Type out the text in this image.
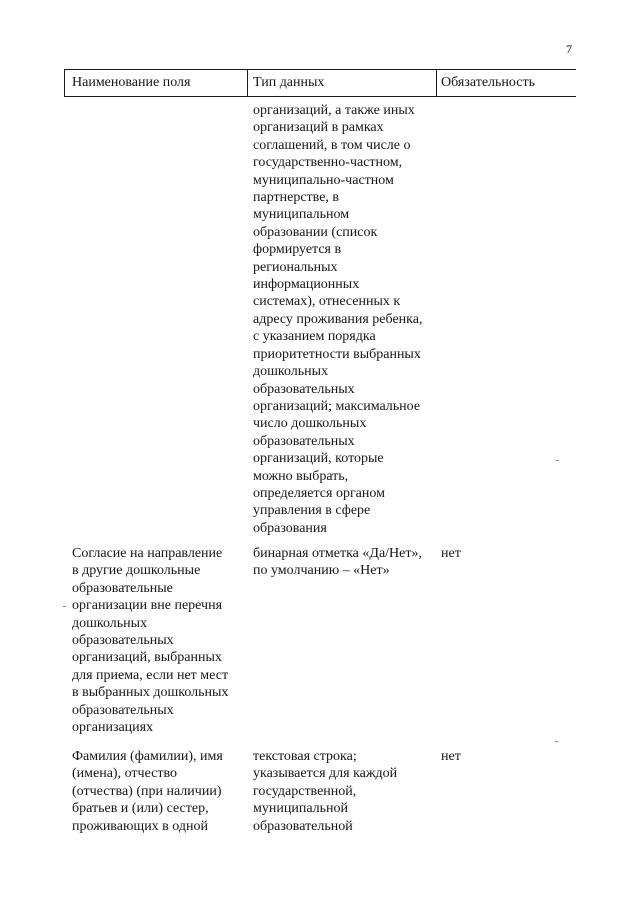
7
Наименование поля	Тип данных	Обязательность
организаций, а также иных
организаций в рамках
соглашений, в том числе о
государственно-частном,
муниципально-частном
партнерстве, в
муниципальном
образовании (список
формируется в
региональных
информационных
системах), отнесенных к
адресу проживания ребенка,
с указанием порядка
приоритетности выбранных
дошкольных
образовательных
организаций; максимальное
число дошкольных
образовательных
организаций, которые
можно выбрать,
определяется органом
управления в сфере
образования
Согласие на направление
в другие дошкольные
образовательные
организации вне перечня
дошкольных
образовательных
организаций, выбранных
для приема, если нет мест
в выбранных дошкольных
образовательных
организациях
бинарная отметка «Да/Нет»,
по умолчанию – «Нет»
нет
Фамилия (фамилии), имя
(имена), отчество
(отчества) (при наличии)
братьев и (или) сестер,
проживающих в одной
текстовая строка;
указывается для каждой
государственной,
муниципальной
образовательной
нет
